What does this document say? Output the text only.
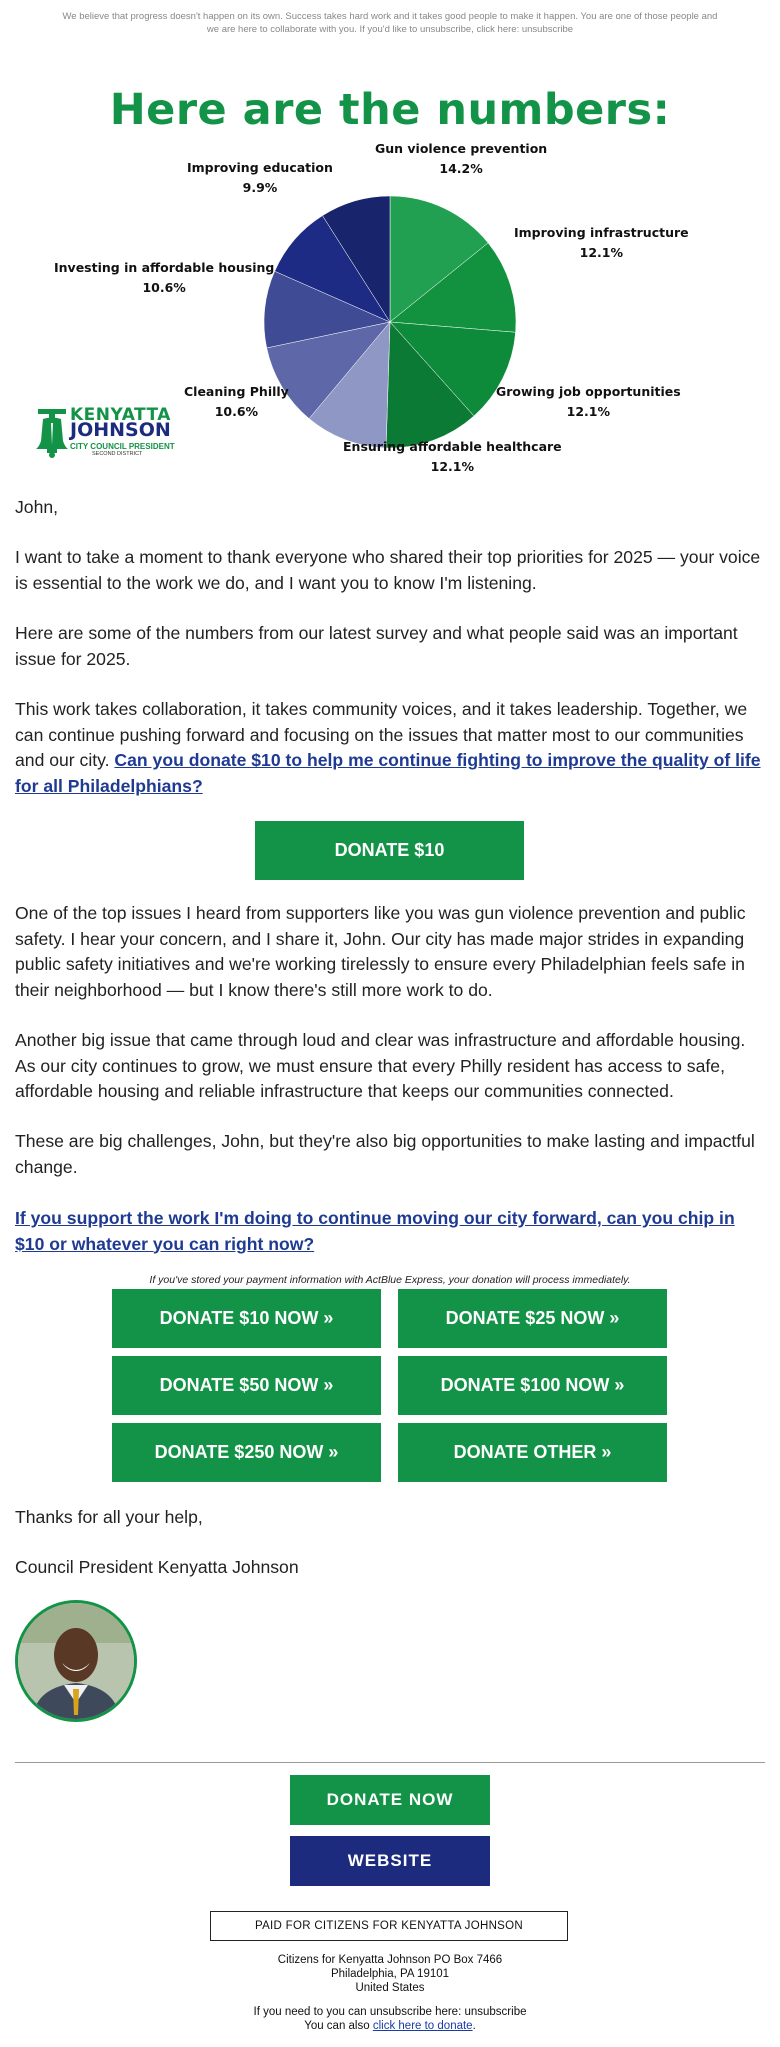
We believe that progress doesn't happen on its own. Success takes hard work and it takes good people to make it happen. You are one of those people and we are here to collaborate with you. If you'd like to unsubscribe, click here: unsubscribe
Here are the numbers:
Gun violence prevention
14.2%
Improving infrastructure
12.1%
Growing job opportunities
12.1%
Ensuring affordable healthcare
12.1%
Cleaning Philly
10.6%
Investing in affordable housing
10.6%
Improving education
9.9%
KENYATTA
JOHNSON
CITY COUNCIL PRESIDENT
SECOND DISTRICT

John,

I want to take a moment to thank everyone who shared their top priorities for 2025 — your voice is essential to the work we do, and I want you to know I'm listening.

Here are some of the numbers from our latest survey and what people said was an important issue for 2025.

This work takes collaboration, it takes community voices, and it takes leadership. Together, we can continue pushing forward and focusing on the issues that matter most to our communities and our city. Can you donate $10 to help me continue fighting to improve the quality of life for all Philadelphians?

DONATE $10

One of the top issues I heard from supporters like you was gun violence prevention and public safety. I hear your concern, and I share it, John. Our city has made major strides in expanding public safety initiatives and we're working tirelessly to ensure every Philadelphian feels safe in their neighborhood — but I know there's still more work to do.

Another big issue that came through loud and clear was infrastructure and affordable housing. As our city continues to grow, we must ensure that every Philly resident has access to safe, affordable housing and reliable infrastructure that keeps our communities connected.

These are big challenges, John, but they're also big opportunities to make lasting and impactful change.

If you support the work I'm doing to continue moving our city forward, can you chip in $10 or whatever you can right now?

If you've stored your payment information with ActBlue Express, your donation will process immediately.
DONATE $10 NOW »	DONATE $25 NOW »
DONATE $50 NOW »	DONATE $100 NOW »
DONATE $250 NOW »	DONATE OTHER »

Thanks for all your help,

Council President Kenyatta Johnson

DONATE NOW
WEBSITE
PAID FOR CITIZENS FOR KENYATTA JOHNSON
Citizens for Kenyatta Johnson PO Box 7466
Philadelphia, PA 19101
United States
If you need to you can unsubscribe here: unsubscribe
You can also click here to donate.
